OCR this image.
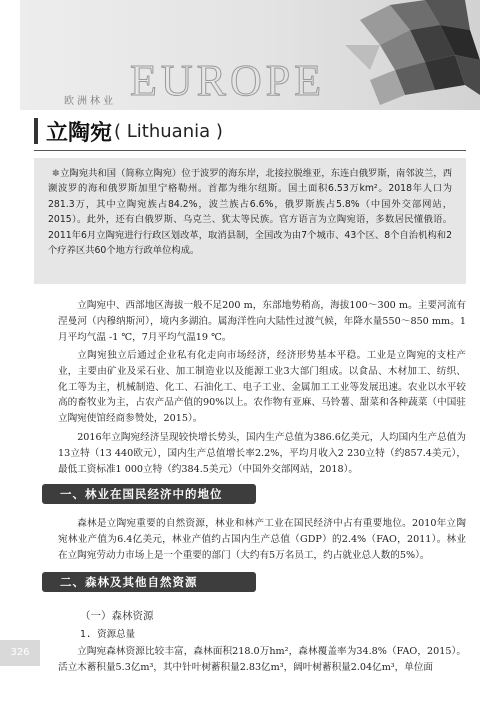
EUROPE
欧洲林业
立陶宛 ( Lithuania )
✽ 立陶宛共和国（简称立陶宛）位于波罗的海东岸，北接拉脱维亚，东连白俄罗斯，南邻波兰，西濒波罗的海和俄罗斯加里宁格勒州。首都为维尔纽斯。国土面积6.53万km²。2018年人口为281.3万，其中立陶宛族占84.2%，波兰族占6.6%，俄罗斯族占5.8%（中国外交部网站，2015）。此外，还有白俄罗斯、乌克兰、犹太等民族。官方语言为立陶宛语，多数居民懂俄语。2011年6月立陶宛进行行政区划改革，取消县制，全国改为由7个城市、43个区、8个自治机构和2个疗养区共60个地方行政单位构成。

立陶宛中、西部地区海拔一般不足200 m，东部地势稍高，海拔100～300 m。主要河流有涅曼河（内穆纳斯河），境内多湖泊。属海洋性向大陆性过渡气候，年降水量550～850 mm。1月平均气温 -1 ℃，7月平均气温19 ℃。

立陶宛独立后通过企业私有化走向市场经济，经济形势基本平稳。工业是立陶宛的支柱产业，主要由矿业及采石业、加工制造业以及能源工业3大部门组成。以食品、木材加工、纺织、化工等为主，机械制造、化工、石油化工、电子工业、金属加工工业等发展迅速。农业以水平较高的畜牧业为主，占农产品产值的90%以上。农作物有亚麻、马铃薯、甜菜和各种蔬菜（中国驻立陶宛使馆经商参赞处，2015）。

2016年立陶宛经济呈现较快增长势头，国内生产总值为386.6亿美元，人均国内生产总值为13立特（13 440欧元），国内生产总值增长率2.2%，平均月收入2 230立特（约857.4美元），最低工资标准1 000立特（约384.5美元）（中国外交部网站，2018）。

一、林业在国民经济中的地位

森林是立陶宛重要的自然资源，林业和林产工业在国民经济中占有重要地位。2010年立陶宛林业产值为6.4亿美元，林业产值约占国内生产总值（GDP）的2.4%（FAO，2011）。林业在立陶宛劳动力市场上是一个重要的部门（大约有5万名员工，约占就业总人数的5%）。

二、森林及其他自然资源
（一）森林资源
1. 资源总量

立陶宛森林资源比较丰富，森林面积218.0万hm²，森林覆盖率为34.8%（FAO，2015）。活立木蓄积量5.3亿m³，其中针叶树蓄积量2.83亿m³，阔叶树蓄积量2.04亿m³，单位面

326
